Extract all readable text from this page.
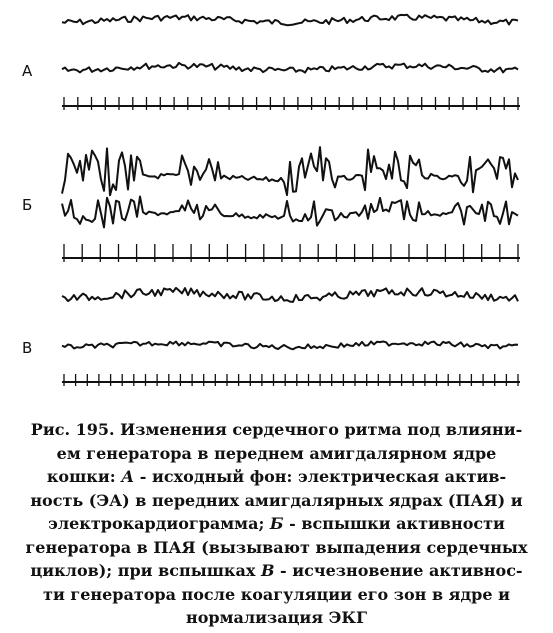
А
Б
В
Рис. 195. Изменения сердечного ритма под влияни-
ем генератора в переднем амигдалярном ядре
кошки: А - исходный фон: электрическая актив-
ность (ЭА) в передних амигдалярных ядрах (ПАЯ) и
электрокардиограмма; Б - вспышки активности
генератора в ПАЯ (вызывают выпадения сердечных
циклов); при вспышках В - исчезновение активнос-
ти генератора после коагуляции его зон в ядре и
нормализация ЭКГ
